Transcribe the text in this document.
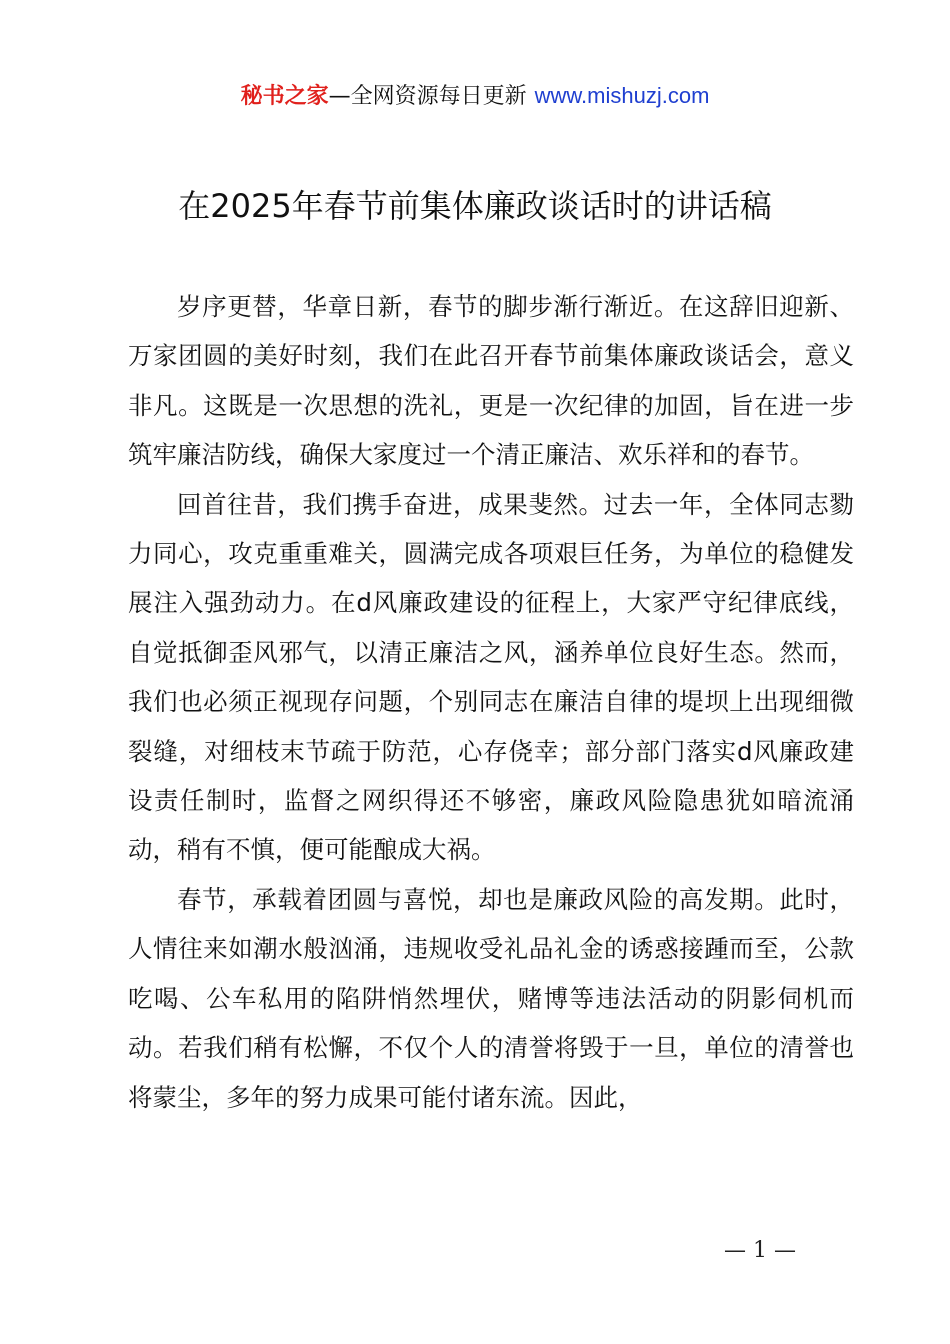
秘书之家—全网资源每日更新 www.mishuzj.com
在2025年春节前集体廉政谈话时的讲话稿

岁序更替，华章日新，春节的脚步渐行渐近。在这辞旧迎新、万家团圆的美好时刻，我们在此召开春节前集体廉政谈话会，意义非凡。这既是一次思想的洗礼，更是一次纪律的加固，旨在进一步筑牢廉洁防线，确保大家度过一个清正廉洁、欢乐祥和的春节。

回首往昔，我们携手奋进，成果斐然。过去一年，全体同志勠力同心，攻克重重难关，圆满完成各项艰巨任务，为单位的稳健发展注入强劲动力。在d风廉政建设的征程上，大家严守纪律底线，自觉抵御歪风邪气，以清正廉洁之风，涵养单位良好生态。然而，我们也必须正视现存问题，个别同志在廉洁自律的堤坝上出现细微裂缝，对细枝末节疏于防范，心存侥幸；部分部门落实d风廉政建设责任制时，监督之网织得还不够密，廉政风险隐患犹如暗流涌动，稍有不慎，便可能酿成大祸。

春节，承载着团圆与喜悦，却也是廉政风险的高发期。此时，人情往来如潮水般汹涌，违规收受礼品礼金的诱惑接踵而至，公款吃喝、公车私用的陷阱悄然埋伏，赌博等违法活动的阴影伺机而动。若我们稍有松懈，不仅个人的清誉将毁于一旦，单位的清誉也将蒙尘，多年的努力成果可能付诸东流。因此，

— 1 —
